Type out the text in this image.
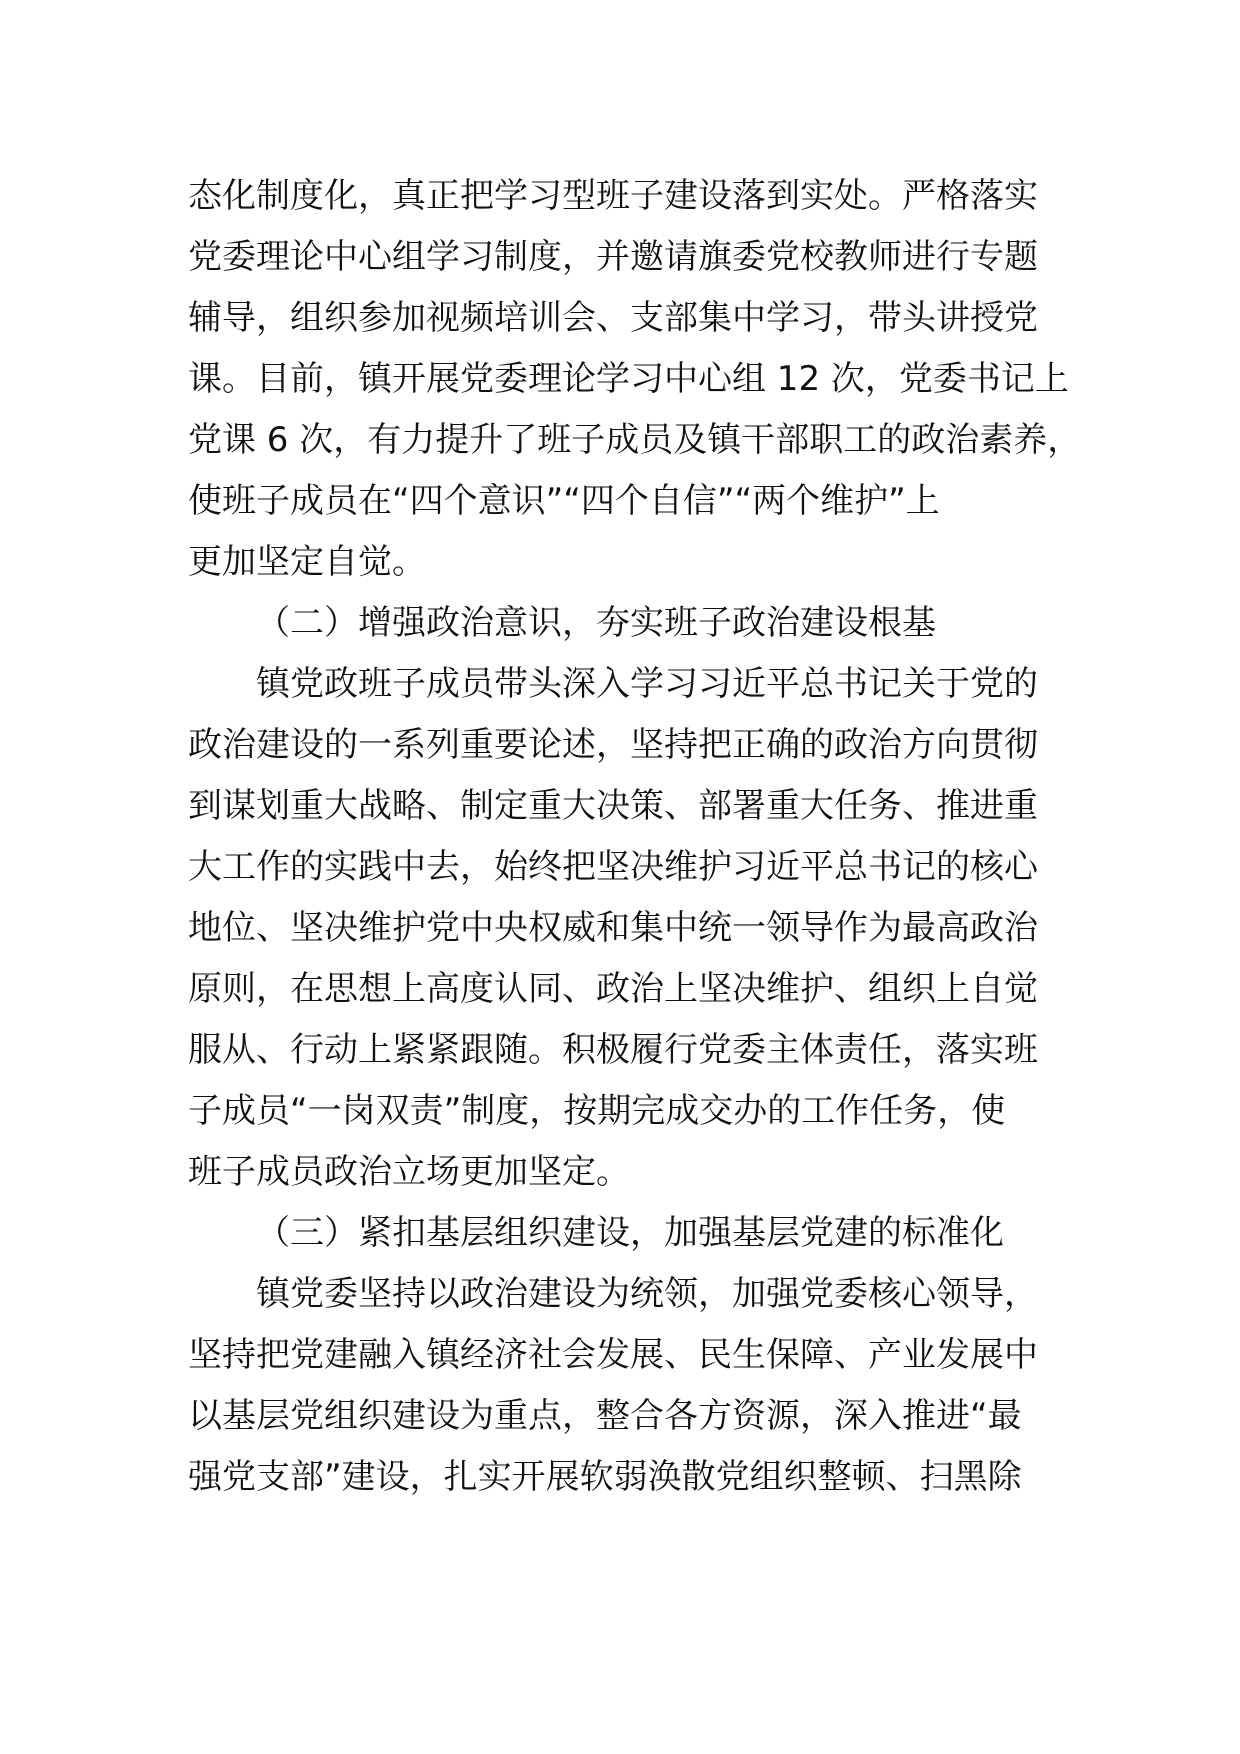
态化制度化，真正把学习型班子建设落到实处。严格落实
党委理论中心组学习制度，并邀请旗委党校教师进行专题
辅导，组织参加视频培训会、支部集中学习，带头讲授党
课。目前，镇开展党委理论学习中心组 12 次，党委书记上
党课 6 次，有力提升了班子成员及镇干部职工的政治素养，
使班子成员在“四个意识”“四个自信”“两个维护”上
更加坚定自觉。
（二）增强政治意识，夯实班子政治建设根基
镇党政班子成员带头深入学习习近平总书记关于党的
政治建设的一系列重要论述，坚持把正确的政治方向贯彻
到谋划重大战略、制定重大决策、部署重大任务、推进重
大工作的实践中去，始终把坚决维护习近平总书记的核心
地位、坚决维护党中央权威和集中统一领导作为最高政治
原则，在思想上高度认同、政治上坚决维护、组织上自觉
服从、行动上紧紧跟随。积极履行党委主体责任，落实班
子成员“一岗双责”制度，按期完成交办的工作任务，使
班子成员政治立场更加坚定。
（三）紧扣基层组织建设，加强基层党建的标准化
镇党委坚持以政治建设为统领，加强党委核心领导，
坚持把党建融入镇经济社会发展、民生保障、产业发展中
以基层党组织建设为重点，整合各方资源，深入推进“最
强党支部”建设，扎实开展软弱涣散党组织整顿、扫黑除
